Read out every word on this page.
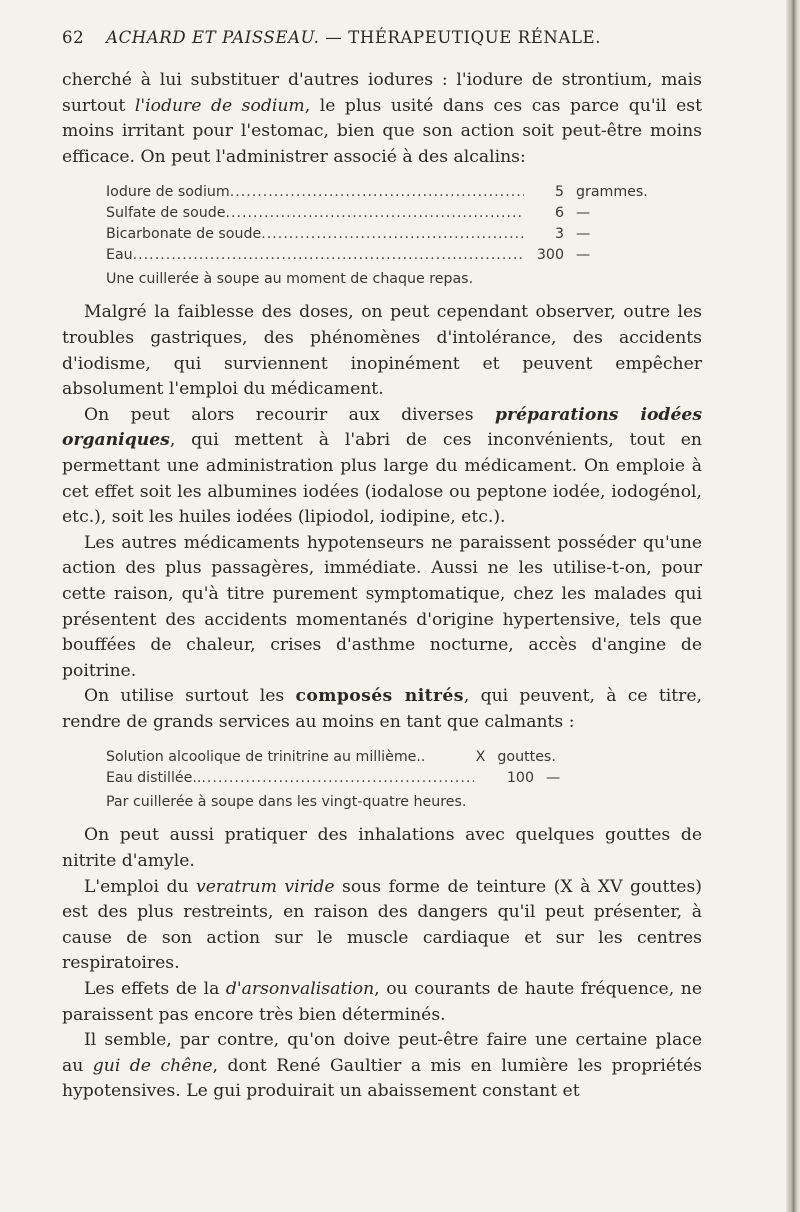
62 ACHARD ET PAISSEAU. — THÉRAPEUTIQUE RÉNALE.

cherché à lui substituer d'autres iodures : l'iodure de strontium, mais surtout l'iodure de sodium, le plus usité dans ces cas parce qu'il est moins irritant pour l'estomac, bien que son action soit peut-être moins efficace. On peut l'administrer associé à des alcalins:

Iodure de sodium .....	5 grammes.
Sulfate de soude .....	6 —
Bicarbonate de soude .....	3 —
Eau .....	300 —
Une cuillerée à soupe au moment de chaque repas.

Malgré la faiblesse des doses, on peut cependant observer, outre les troubles gastriques, des phénomènes d'intolérance, des accidents d'iodisme, qui surviennent inopinément et peuvent empêcher absolument l'emploi du médicament.

On peut alors recourir aux diverses préparations iodées organiques, qui mettent à l'abri de ces inconvénients, tout en permettant une administration plus large du médicament. On emploie à cet effet soit les albumines iodées (iodalose ou peptone iodée, iodogénol, etc.), soit les huiles iodées (lipiodol, iodipine, etc.).

Les autres médicaments hypotenseurs ne paraissent posséder qu'une action des plus passagères, immédiate. Aussi ne les utilise-t-on, pour cette raison, qu'à titre purement symptomatique, chez les malades qui présentent des accidents momentanés d'origine hypertensive, tels que bouffées de chaleur, crises d'asthme nocturne, accès d'angine de poitrine.

On utilise surtout les composés nitrés, qui peuvent, à ce titre, rendre de grands services au moins en tant que calmants :

Solution alcoolique de trinitrine au millième..	X gouttes.
Eau distillée.. .....	100 —
Par cuillerée à soupe dans les vingt-quatre heures.

On peut aussi pratiquer des inhalations avec quelques gouttes de nitrite d'amyle.

L'emploi du veratrum viride sous forme de teinture (X à XV gouttes) est des plus restreints, en raison des dangers qu'il peut présenter, à cause de son action sur le muscle cardiaque et sur les centres respiratoires.

Les effets de la d'arsonvalisation, ou courants de haute fréquence, ne paraissent pas encore très bien déterminés.

Il semble, par contre, qu'on doive peut-être faire une certaine place au gui de chêne, dont René Gaultier a mis en lumière les propriétés hypotensives. Le gui produirait un abaissement constant et
